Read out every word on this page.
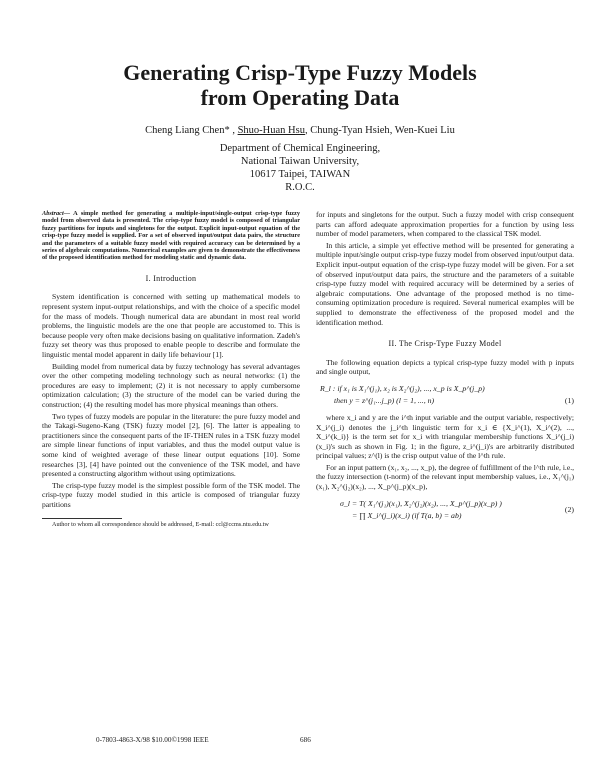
Generating Crisp-Type Fuzzy Models
from Operating Data
Cheng Liang Chen* , Shuo-Huan Hsu, Chung-Tyan Hsieh, Wen-Kuei Liu
Department of Chemical Engineering,
National Taiwan University,
10617 Taipei, TAIWAN
R.O.C.
Abstract— A simple method for generating a multiple-input/single-output crisp-type fuzzy model from observed data is presented. The crisp-type fuzzy model is composed of triangular fuzzy partitions for inputs and singletons for the output. Explicit input-output equation of the crisp-type fuzzy model is supplied. For a set of observed input/output data pairs, the structure and the parameters of a suitable fuzzy model with required accuracy can be determined by a series of algebraic computations. Numerical examples are given to demonstrate the effectiveness of the proposed identification method for modeling static and dynamic data.
I. Introduction

System identification is concerned with setting up mathematical models to represent system input-output relationships, and with the choice of a specific model for the mass of models. Though numerical data are abundant in most real world problems, the linguistic models are the one that people are accustomed to. This is because people very often make decisions basing on qualitative information. Zadeh's fuzzy set theory was thus proposed to enable people to describe and formulate the linguistic mental model apparent in daily life behaviour [1].

Building model from numerical data by fuzzy technology has several advantages over the other competing modeling technology such as neural networks: (1) the procedures are easy to implement; (2) it is not necessary to apply cumbersome optimization calculation; (3) the structure of the model can be varied during the construction; (4) the resulting model has more physical meanings than others.

Two types of fuzzy models are popular in the literature: the pure fuzzy model and the Takagi-Sugeno-Kang (TSK) fuzzy model [2], [6]. The latter is appealing to practitioners since the consequent parts of the IF-THEN rules in a TSK fuzzy model are simple linear functions of input variables, and thus the model output value is some kind of weighted average of these linear output equations [10]. Some researches [3], [4] have pointed out the convenience of the TSK model, and have presented a constructing algorithm without using optimizations.

The crisp-type fuzzy model is the simplest possible form of the TSK model. The crisp-type fuzzy model studied in this article is composed of triangular fuzzy partitions

Author to whom all correspondence should be addressed, E-mail: ccl@ccms.ntu.edu.tw

for inputs and singletons for the output. Such a fuzzy model with crisp consequent parts can afford adequate approximation properties for a function by using less number of model parameters, when compared to the classical TSK model.

In this article, a simple yet effective method will be presented for generating a multiple input/single output crisp-type fuzzy model from observed input/output data. Explicit input-output equation of the crisp-type fuzzy model will be given. For a set of observed input/output data pairs, the structure and the parameters of a suitable crisp-type fuzzy model with required accuracy will be determined by a series of algebraic computations. One advantage of the proposed method is no time-consuming optimization procedure is required. Several numerical examples will be supplied to demonstrate the effectiveness of the proposed model and the identification method.

II. The Crisp-Type Fuzzy Model

The following equation depicts a typical crisp-type fuzzy model with p inputs and single output,

R_l : if x₁ is X₁^(j₁), x₂ is X₂^(j₂), ..., x_p is X_p^(j_p)
then y = z^(j₁...j_p) (l = 1, ..., n)	(1)

where x_i and y are the i^th input variable and the output variable, respectively; X_i^(j_i) denotes the j_i^th linguistic term for x_i ∈ {X_i^(1), X_i^(2), ..., X_i^(k_i)} is the term set for x_i with triangular membership functions X_i^(j_i)(x_i)'s such as shown in Fig. 1; in the figure, z_i^(j_i)'s are arbitrarily distributed principal values; z^(l) is the crisp output value of the l^th rule.

For an input pattern (x₁, x₂, ..., x_p), the degree of fulfillment of the l^th rule, i.e., the fuzzy intersection (t-norm) of the relevant input membership values, i.e., X₁^(j₁)(x₁), X₂^(j₂)(x₂), ..., X_p^(j_p)(x_p),

σ_l = T( X₁^(j₁)(x₁), X₂^(j₂)(x₂), ..., X_p^(j_p)(x_p) )
= ∏ X_i^(j_i)(x_i) (if T(a, b) = ab)
(2)
0-7803-4863-X/98 $10.00©1998 IEEE	686
